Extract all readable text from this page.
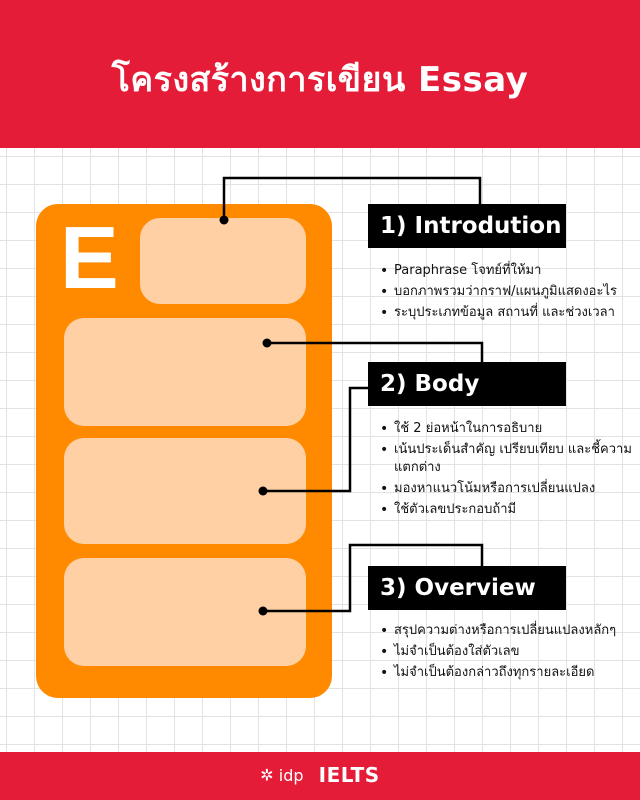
โครงสร้างการเขียน Essay
E	1) Introdution
• Paraphrase โจทย์ที่ให้มา
• บอกภาพรวมว่ากราฟ/แผนภูมิแสดงอะไร
• ระบุประเภทข้อมูล สถานที่ และช่วงเวลา
2) Body
• ใช้ 2 ย่อหน้าในการอธิบาย
• เน้นประเด็นสำคัญ เปรียบเทียบ และชี้ความแตกต่าง
• มองหาแนวโน้มหรือการเปลี่ยนแปลง
• ใช้ตัวเลขประกอบถ้ามี
3) Overview
• สรุปความต่างหรือการเปลี่ยนแปลงหลักๆ
• ไม่จำเป็นต้องใส่ตัวเลข
• ไม่จำเป็นต้องกล่าวถึงทุกรายละเอียด
✲ idp IELTS
